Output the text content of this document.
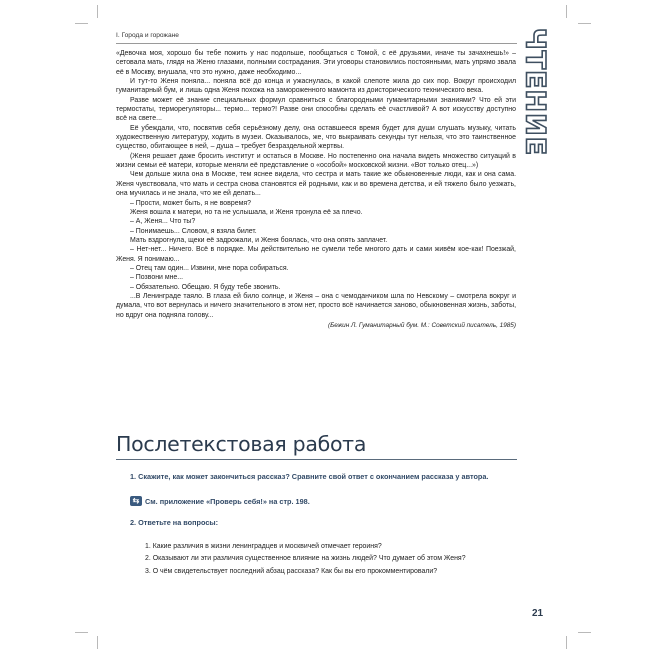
I. Города и горожане	ЧТЕНИЕ

«Девочка моя, хорошо бы тебе пожить у нас подольше, пообщаться с Томой, с её друзьями, иначе ты зачахнешь!» – сетовала мать, глядя на Женю глазами, полными сострадания. Эти уговоры становились постоянными, мать упрямо звала её в Москву, внушала, что это нужно, даже необходимо...

И тут-то Женя поняла... поняла всё до конца и ужаснулась, в какой слепоте жила до сих пор. Вокруг происходил гуманитарный бум, и лишь одна Женя похожа на замороженного мамонта из доисторического технического века.

Разве может её знание специальных формул сравниться с благородными гуманитарными знаниями? Что ей эти термостаты, терморегуляторы... термо... термо?! Разве они способны сделать её счастливой? А вот искусству доступно всё на свете...

Её убеждали, что, посвятив себя серьёзному делу, она оставшееся время будет для души слушать музыку, читать художественную литературу, ходить в музеи. Оказывалось, же, что выкраивать секунды тут нельзя, что это таинственное существо, обитающее в ней, – душа – требует безраздельной жертвы.

(Женя решает даже бросить институт и остаться в Москве. Но постепенно она начала видеть множество ситуаций в жизни семьи её матери, которые меняли её представление о «особой» московской жизни. «Вот только отец...»)

Чем дольше жила она в Москве, тем яснее видела, что сестра и мать такие же обыкновенные люди, как и она сама. Женя чувствовала, что мать и сестра снова становятся ей родными, как и во времена детства, и ей тяжело было уезжать, она мучилась и не знала, что же ей делать...

– Прости, может быть, я не вовремя?

Женя вошла к матери, но та не услышала, и Женя тронула её за плечо.

– А, Женя... Что ты?

– Понимаешь... Словом, я взяла билет.

Мать вздрогнула, щеки её задрожали, и Женя боялась, что она опять заплачет.

– Нет-нет... Ничего. Всё в порядке. Мы действительно не сумели тебе многого дать и сами живём кое-как! Поезжай, Женя. Я понимаю...

– Отец там один... Извини, мне пора собираться.

– Позвони мне...

– Обязательно. Обещаю. Я буду тебе звонить.

...В Ленинграде таяло. В глаза ей било солнце, и Женя – она с чемоданчиком шла по Невскому – смотрела вокруг и думала, что вот вернулась и ничего значительного в этом нет, просто всё начинается заново, обыкновенная жизнь, заботы, но вдруг она подняла голову...

(Бежин Л. Гуманитарный бум. М.: Советский писатель, 1985)

Послетекстовая работа
1. Скажите, как может закончиться рассказ? Сравните свой ответ с окончанием рассказа у автора.
⇆ См. приложение «Проверь себя!» на стр. 198.
2. Ответьте на вопросы:
1. Какие различия в жизни ленинградцев и москвичей отмечает героиня?
2. Оказывают ли эти различия существенное влияние на жизнь людей? Что думает об этом Женя?
3. О чём свидетельствует последний абзац рассказа? Как бы вы его прокомментировали?
21
